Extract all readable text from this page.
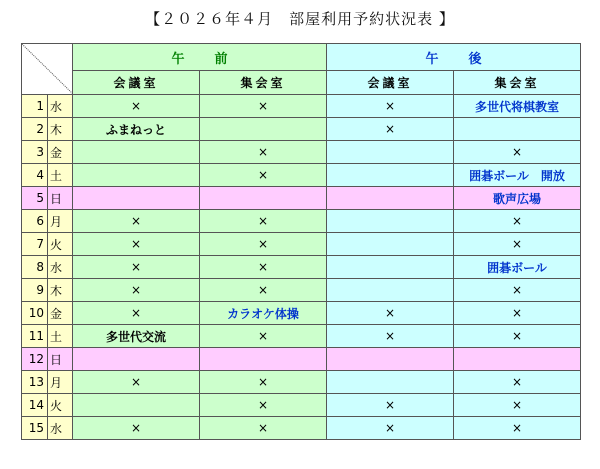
【２０２６年４月　部屋利用予約状況表 】
	午前		午後	
		会議室	集会室	会議室	集会室
1	水	×	×	×	多世代将棋教室
2	木	ふまねっと		×	
3	金		×		×
4	土		×		囲碁ボール　開放
5	日				歌声広場
6	月	×	×		×
7	火	×	×		×
8	水	×	×		囲碁ボール
9	木	×	×		×
10	金	×	カラオケ体操	×	×
11	土	多世代交流	×	×	×
12	日				
13	月	×	×		×
14	火		×	×	×
15	水	×	×	×	×
